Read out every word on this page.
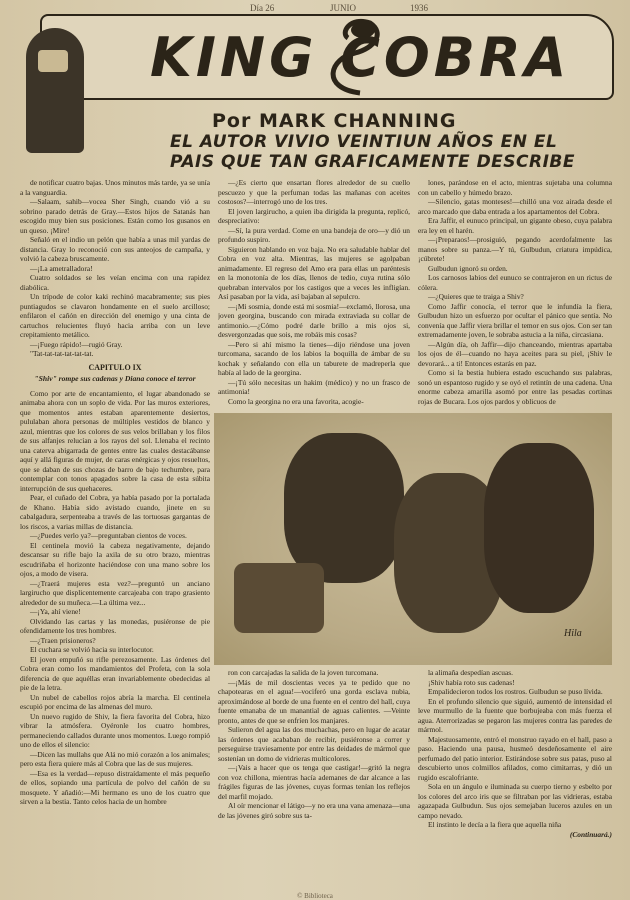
Día 26	JUNIO	1936
KING COBRA
Por MARK CHANNING
EL AUTOR VIVIO VEINTIUN AÑOS EN EL
PAIS QUE TAN GRAFICAMENTE DESCRIBE

de notificar cuatro bajas. Unos minutos más tarde, ya se unía a la vanguardia.

—Salaam, sahib—vocea Sher Singh, cuando vió a su sobrino parado detrás de Gray.—Estos hijos de Satanás han escogido muy bien sus posiciones. Están como los gusanos en un queso. ¡Mire!

Señaló en el indio un pelón que había a unas mil yardas de distancia. Gray lo reconoció con sus anteojos de campaña, y volvió la cabeza bruscamente.

—¡La ametralladora!

Cuatro soldados se les veían encima con una rapidez diabólica.

Un trípode de color kaki rechinó macabramente; sus pies puntiagudos se clavaron hondamente en el suelo arcilloso; enfilaron el cañón en dirección del enemigo y una cinta de cartuchos relucientes fluyó hacia arriba con un leve crepitamiento metálico.

—¡Fuego rápido!—rugió Gray.

"Tat-tat-tat-tat-tat-tat.

CAPITULO IX
"Shiv" rompe sus cadenas y Diana conoce el terror

Como por arte de encantamiento, el lugar abandonado se animaba ahora con un soplo de vida. Por las muros exteriores, que momentos antes estaban aparentemente desiertos, pululaban ahora personas de múltiples vestidos de blanco y azul, mientras que los colores de sus velos brillaban y los filos de sus alfanjes relucían a los rayos del sol. Llenaba el recinto una caterva abigarrada de gentes entre las cuales destacábanse aquí y allá figuras de mujer, de caras enérgicas y ojos resueltos, que se daban de sus chozas de barro de bajo techumbre, para contemplar con tonos apagados sobre la casa de esta súbita interrupción de sus quehaceres.

Pear, el cuñado del Cobra, ya había pasado por la portalada de Khano. Había sido avistado cuando, jinete en su cabalgadura, serpenteaba a través de las tortuosas gargantas de los riscos, a varias millas de distancia.

—¿Puedes verlo ya?—preguntaban cientos de voces.

El centinela movió la cabeza negativamente, dejando descansar su rifle bajo la axila de su otro brazo, mientras escudriñaba el horizonte haciéndose con una mano sobre los ojos, a modo de visera.

—¿Traerá mujeres esta vez?—preguntó un anciano largirucho que displicentemente carcajeaba con trapo grasiento alrededor de su muñeca.—La última vez...

—¡Ya, ahí viene!

Olvidando las cartas y las monedas, pusiéronse de pie ofendidamente los tres hombres.

—¿Traen prisioneros?

El cuchara se volvió hacia su interlocutor.

El joven empuñó su rifle perezosamente. Las órdenes del Cobra eran como los mandamientos del Profeta, con la sola diferencia de que aquéllas eran invariablemente obedecidas al pie de la letra.

Un nubel de cabellos rojos abría la marcha. El centinela escupió por encima de las almenas del muro.

Un nuevo rugido de Shiv, la fiera favorita del Cobra, hizo vibrar la atmósfera. Oyéronle los cuatro hombres, permaneciendo callados durante unos momentos. Luego rompió uno de ellos el silencio:

—Dicen las mullahs que Alá no mió corazón a los animales; pero esta fiera quiere más al Cobra que las de sus mujeres.

—Esa es la verdad—repuso distraídamente el más pequeño de ellos, sopiando una partícula de polvo del cañón de su mosquete. Y añadió:—Mi hermano es uno de los cuatro que sirven a la bestia. Tanto celos hacia de un hombre

—¿Es cierto que ensartan flores alrededor de su cuello pescuezo y que la perfuman todas las mañanas con aceites costosos?—interrogó uno de los tres.

El joven largirucho, a quien iba dirigida la pregunta, replicó, despreciativo:

—Sí, la pura verdad. Come en una bandeja de oro—y dió un profundo suspiro.

Siguieron hablando en voz baja. No era saludable hablar del Cobra en voz alta. Mientras, las mujeres se agolpaban animadamente. El regreso del Amo era para ellas un paréntesis en la monotonía de los días, llenos de tedio, cuya rutina sólo quebraban intervalos por los castigos que a veces les infligían. Así pasaban por la vida, así bajaban al sepulcro.

—¡Mi sosmia, donde está mi sosmia!—exclamó, llorosa, una joven georgina, buscando con mirada extraviada su collar de antimonio.—¿Cómo podré darle brillo a mis ojos si, desvergonzadas que sois, me robáis mis cosas?

—Pero si ahí mismo la tienes—dijo riéndose una joven turcomana, sacando de los labios la boquilla de ámbar de su kochak y señalando con ella un taburete de madreperla que había al lado de la georgina.

—¡Tú sólo necesitas un hakim (médico) y no un frasco de antimonia!

Como la georgina no era una favorita, acogie-

lones, parándose en el acto, mientras sujetaba una columna con un cabello y húmedo brazo.

—Silencio, gatas monteses!—chilló una voz airada desde el arco marcado que daba entrada a los apartamentos del Cobra.

Era Jaffir, el eunuco principal, un gigante obeso, cuya palabra era ley en el harén.

—¡Preparaos!—prosiguió, pegando acerdofalmente las manos sobre su panza.—Y tú, Gulbudun, criatura impúdica, ¡cúbrete!

Gulbudun ignoró su orden.

Los carnosos labios del eunuco se contrajeron en un rictus de cólera.

—¿Quieres que te traiga a Shiv?

Como Jaffir conocía, el terror que le infundía la fiera, Gulbudun hizo un esfuerzo por ocultar el pánico que sentía. No convenía que Jaffir viera brillar el temor en sus ojos. Con ser tan extremadamente joven, le sobraba astucia a la niña, circasiana.

—Algún día, oh Jaffir—dijo chanceando, mientras apartaba los ojos de él—cuando no haya aceites para su piel, ¡Shiv le devorará... a ti! Entonces estarás en paz.

Como si la bestia hubiera estado escuchando sus palabras, sonó un espantoso rugido y se oyó el retintín de una cadena. Una enorme cabeza amarilla asomó por entre las pesadas cortinas rojas de Bucara. Los ojos pardos y oblicuos de

Hila

ron con carcajadas la salida de la joven turcomana.

—¡Más de mil doscientas veces ya te pedido que no chapotearas en el agua!—vociferó una gorda esclava nubia, aproximándose al borde de una fuente en el centro del hall, cuya fuente emanaba de un manantial de aguas calientes. —Veinte pronto, antes de que se enfríen los manjares.

Sulieron del agua las dos muchachas, pero en lugar de acatar las órdenes que acababan de recibir, pusiéronse a correr y perseguirse traviesamente por entre las deidades de mármol que sostenían un domo de vidrieras multicolores.

—¡Vais a hacer que os tenga que castigar!—gritó la negra con voz chillona, mientras hacía ademanes de dar alcance a las frágiles figuras de las jóvenes, cuyas formas tenían los reflejos del marfil mojado.

Al oír mencionar el látigo—y no era una vana amenaza—una de las jóvenes giró sobre sus ta-

la alimaña despedían ascuas.

¡Shiv había roto sus cadenas!

Empalidecieron todos los rostros. Gulbudun se puso lívida.

En el profundo silencio que siguió, aumentó de intensidad el leve murmullo de la fuente que borbujeaba con más fuerza el agua. Aterrorizadas se pegaron las mujeres contra las paredes de mármol.

Majestuosamente, entró el monstruo rayado en el hall, paso a paso. Haciendo una pausa, husmeó desdeñosamente el aire perfumado del patio interior. Estirándose sobre sus patas, puso al descubierto unos colmillos afilados, como cimitarras, y dió un rugido escalofriante.

Sola en un ángulo e iluminada su cuerpo tierno y esbelto por los colores del arco iris que se filtraban por las vidrieras, estaba agazapada Gulbudun. Sus ojos semejaban luceros azules en un campo nevado.

El instinto le decía a la fiera que aquella niña

(Continuará.)

© Biblioteca
